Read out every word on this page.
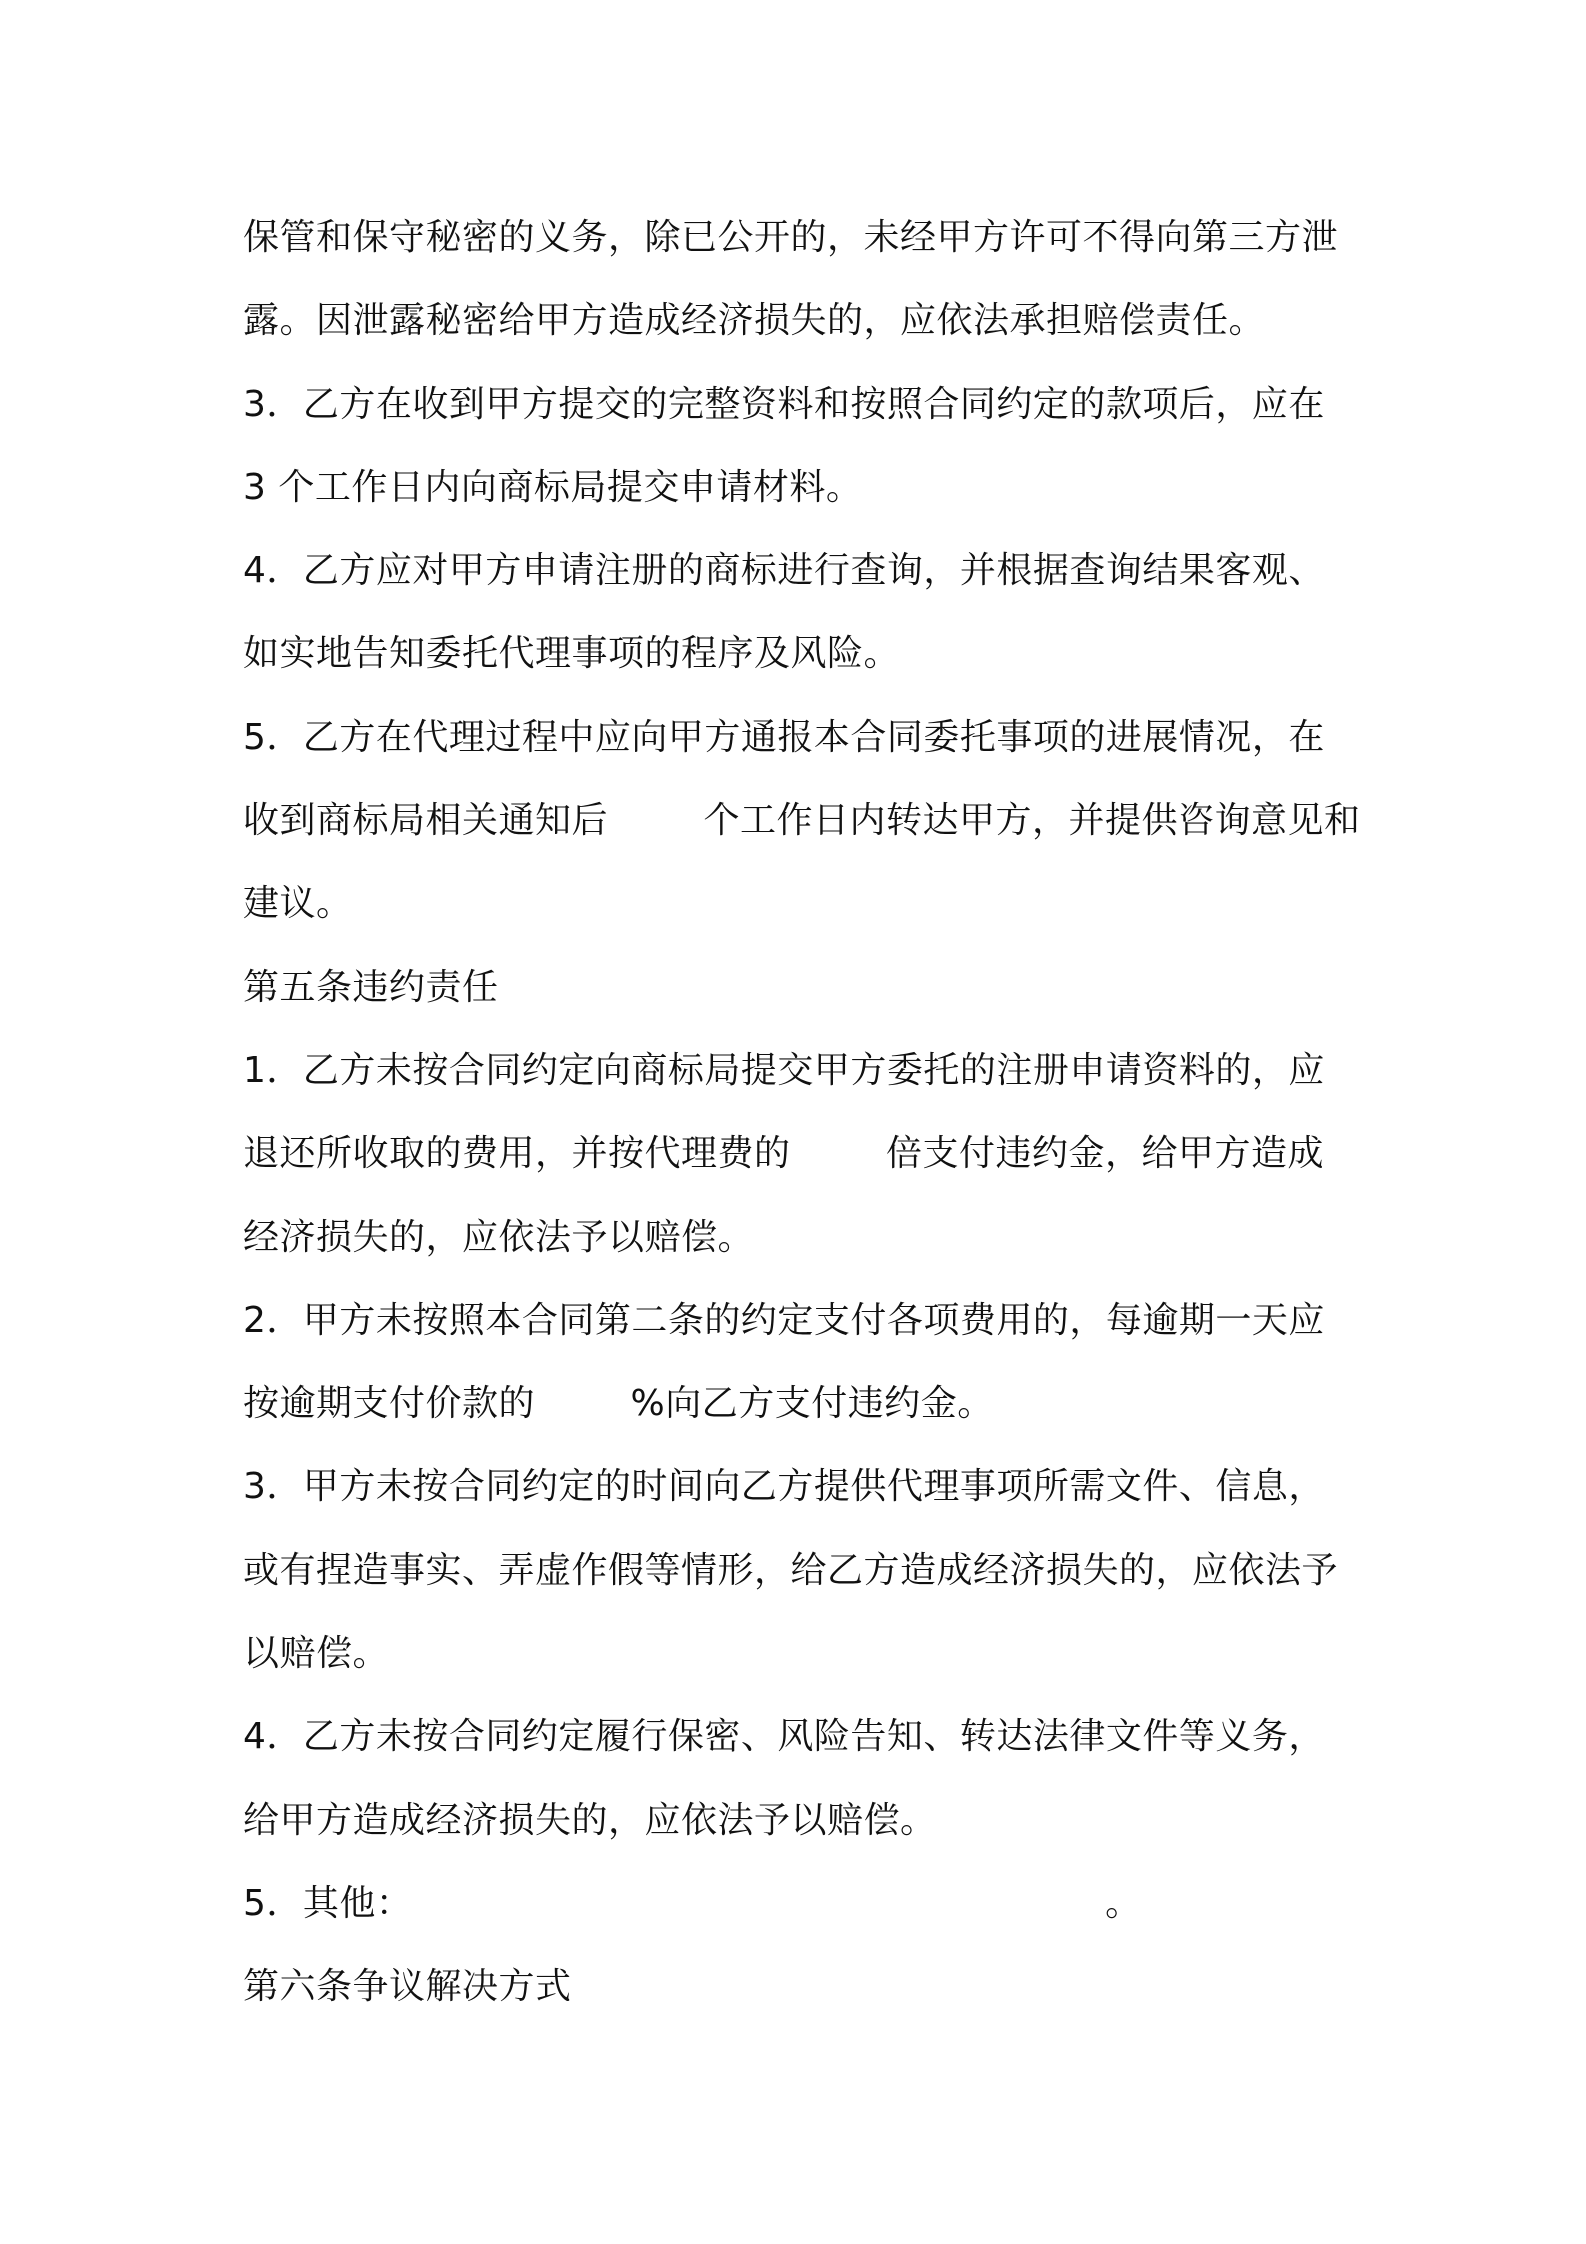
保管和保守秘密的义务，除已公开的，未经甲方许可不得向第三方泄
露。因泄露秘密给甲方造成经济损失的，应依法承担赔偿责任。
3．乙方在收到甲方提交的完整资料和按照合同约定的款项后，应在
3 个工作日内向商标局提交申请材料。
4．乙方应对甲方申请注册的商标进行查询，并根据查询结果客观、
如实地告知委托代理事项的程序及风险。
5．乙方在代理过程中应向甲方通报本合同委托事项的进展情况，在
收到商标局相关通知后        个工作日内转达甲方，并提供咨询意见和
建议。
第五条违约责任
1．乙方未按合同约定向商标局提交甲方委托的注册申请资料的，应
退还所收取的费用，并按代理费的        倍支付违约金，给甲方造成
经济损失的，应依法予以赔偿。
2．甲方未按照本合同第二条的约定支付各项费用的，每逾期一天应
按逾期支付价款的        %向乙方支付违约金。
3．甲方未按合同约定的时间向乙方提供代理事项所需文件、信息，
或有捏造事实、弄虚作假等情形，给乙方造成经济损失的，应依法予
以赔偿。
4．乙方未按合同约定履行保密、风险告知、转达法律文件等义务，
给甲方造成经济损失的，应依法予以赔偿。
5．其他：                                                          。
第六条争议解决方式
